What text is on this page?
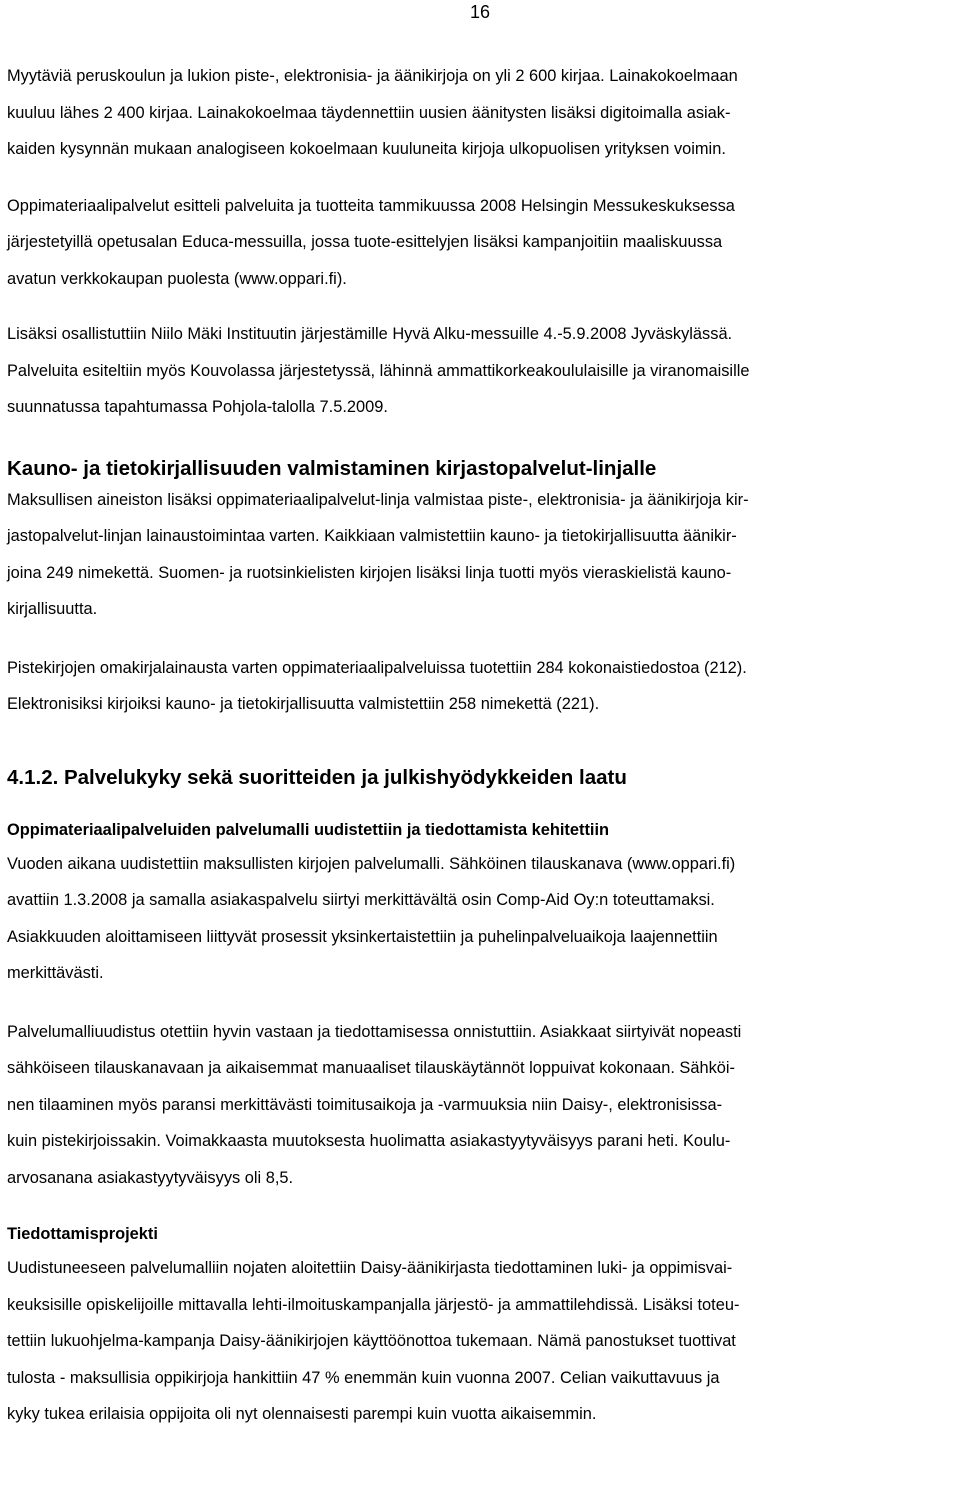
16

Myytäviä peruskoulun ja lukion piste-, elektronisia- ja äänikirjoja on yli 2 600 kirjaa. Lainakokoelmaan
kuuluu lähes 2 400 kirjaa. Lainakokoelmaa täydennettiin uusien äänitysten lisäksi digitoimalla asiak-
kaiden kysynnän mukaan analogiseen kokoelmaan kuuluneita kirjoja ulkopuolisen yrityksen voimin.

Oppimateriaalipalvelut esitteli palveluita ja tuotteita tammikuussa 2008 Helsingin Messukeskuksessa
järjestetyillä opetusalan Educa-messuilla, jossa tuote-esittelyjen lisäksi kampanjoitiin maaliskuussa
avatun verkkokaupan puolesta (www.oppari.fi).

Lisäksi osallistuttiin Niilo Mäki Instituutin järjestämille Hyvä Alku-messuille 4.-5.9.2008 Jyväskylässä.
Palveluita esiteltiin myös Kouvolassa järjestetyssä, lähinnä ammattikorkeakoululaisille ja viranomaisille
suunnatussa tapahtumassa Pohjola-talolla 7.5.2009.

Kauno- ja tietokirjallisuuden valmistaminen kirjastopalvelut-linjalle

Maksullisen aineiston lisäksi oppimateriaalipalvelut-linja valmistaa piste-, elektronisia- ja äänikirjoja kir-
jastopalvelut-linjan lainaustoimintaa varten. Kaikkiaan valmistettiin kauno- ja tietokirjallisuutta äänikir-
joina 249 nimekettä. Suomen- ja ruotsinkielisten kirjojen lisäksi linja tuotti myös vieraskielistä kauno-
kirjallisuutta.

Pistekirjojen omakirjalainausta varten oppimateriaalipalveluissa tuotettiin 284 kokonaistiedostoa (212).
Elektronisiksi kirjoiksi kauno- ja tietokirjallisuutta valmistettiin 258 nimekettä (221).

4.1.2. Palvelukyky sekä suoritteiden ja julkishyödykkeiden laatu
Oppimateriaalipalveluiden palvelumalli uudistettiin ja tiedottamista kehitettiin

Vuoden aikana uudistettiin maksullisten kirjojen palvelumalli. Sähköinen tilauskanava (www.oppari.fi)
avattiin 1.3.2008 ja samalla asiakaspalvelu siirtyi merkittävältä osin Comp-Aid Oy:n toteuttamaksi.
Asiakkuuden aloittamiseen liittyvät prosessit yksinkertaistettiin ja puhelinpalveluaikoja laajennettiin
merkittävästi.

Palvelumalliuudistus otettiin hyvin vastaan ja tiedottamisessa onnistuttiin. Asiakkaat siirtyivät nopeasti
sähköiseen tilauskanavaan ja aikaisemmat manuaaliset tilauskäytännöt loppuivat kokonaan. Sähköi-
nen tilaaminen myös paransi merkittävästi toimitusaikoja ja -varmuuksia niin Daisy-, elektronisissa-
kuin pistekirjoissakin. Voimakkaasta muutoksesta huolimatta asiakastyytyväisyys parani heti. Koulu-
arvosanana asiakastyytyväisyys oli 8,5.

Tiedottamisprojekti

Uudistuneeseen palvelumalliin nojaten aloitettiin Daisy-äänikirjasta tiedottaminen luki- ja oppimisvai-
keuksisille opiskelijoille mittavalla lehti-ilmoituskampanjalla järjestö- ja ammattilehdissä. Lisäksi toteu-
tettiin lukuohjelma-kampanja Daisy-äänikirjojen käyttöönottoa tukemaan. Nämä panostukset tuottivat
tulosta - maksullisia oppikirjoja hankittiin 47 % enemmän kuin vuonna 2007. Celian vaikuttavuus ja
kyky tukea erilaisia oppijoita oli nyt olennaisesti parempi kuin vuotta aikaisemmin.
